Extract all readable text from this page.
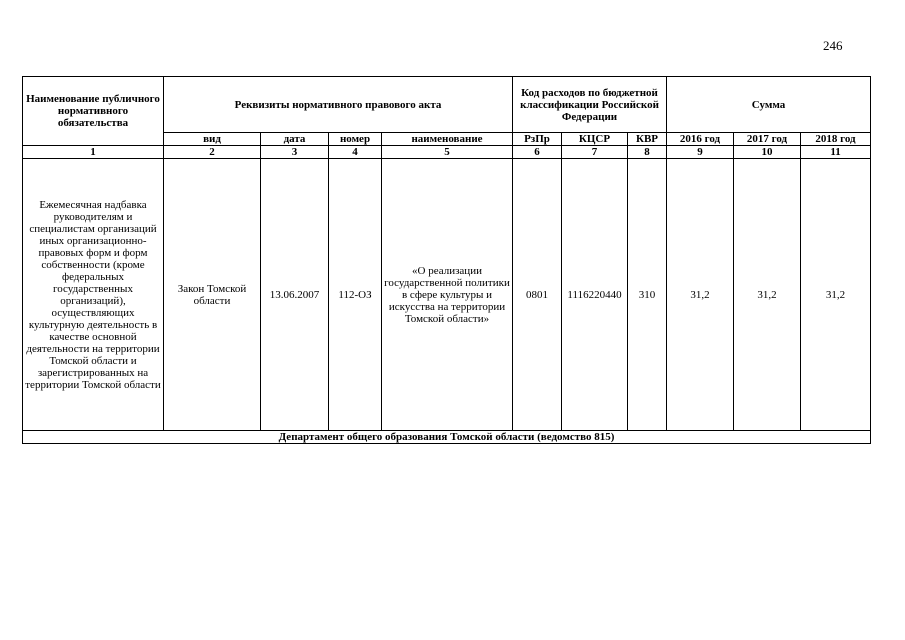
246
Наименование публичного нормативного обязательства	Реквизиты нормативного правового акта				Код расходов по бюджетной классификации Российской Федерации			Сумма		
	вид	дата	номер	наименование	РзПр	КЦСР	КВР	2016 год	2017 год	2018 год
1	2	3	4	5	6	7	8	9	10	11
Ежемесячная надбавка руководителям и специалистам организаций иных организационно-правовых форм и форм собственности (кроме федеральных государственных организаций), осуществляющих культурную деятельность в качестве основной деятельности на территории Томской области и зарегистрированных на территории Томской области	Закон Томской области	13.06.2007	112-ОЗ	«О реализации государственной политики в сфере культуры и искусства на территории Томской области»	0801	1116220440	310	31,2	31,2	31,2
Департамент общего образования Томской области (ведомство 815)										
